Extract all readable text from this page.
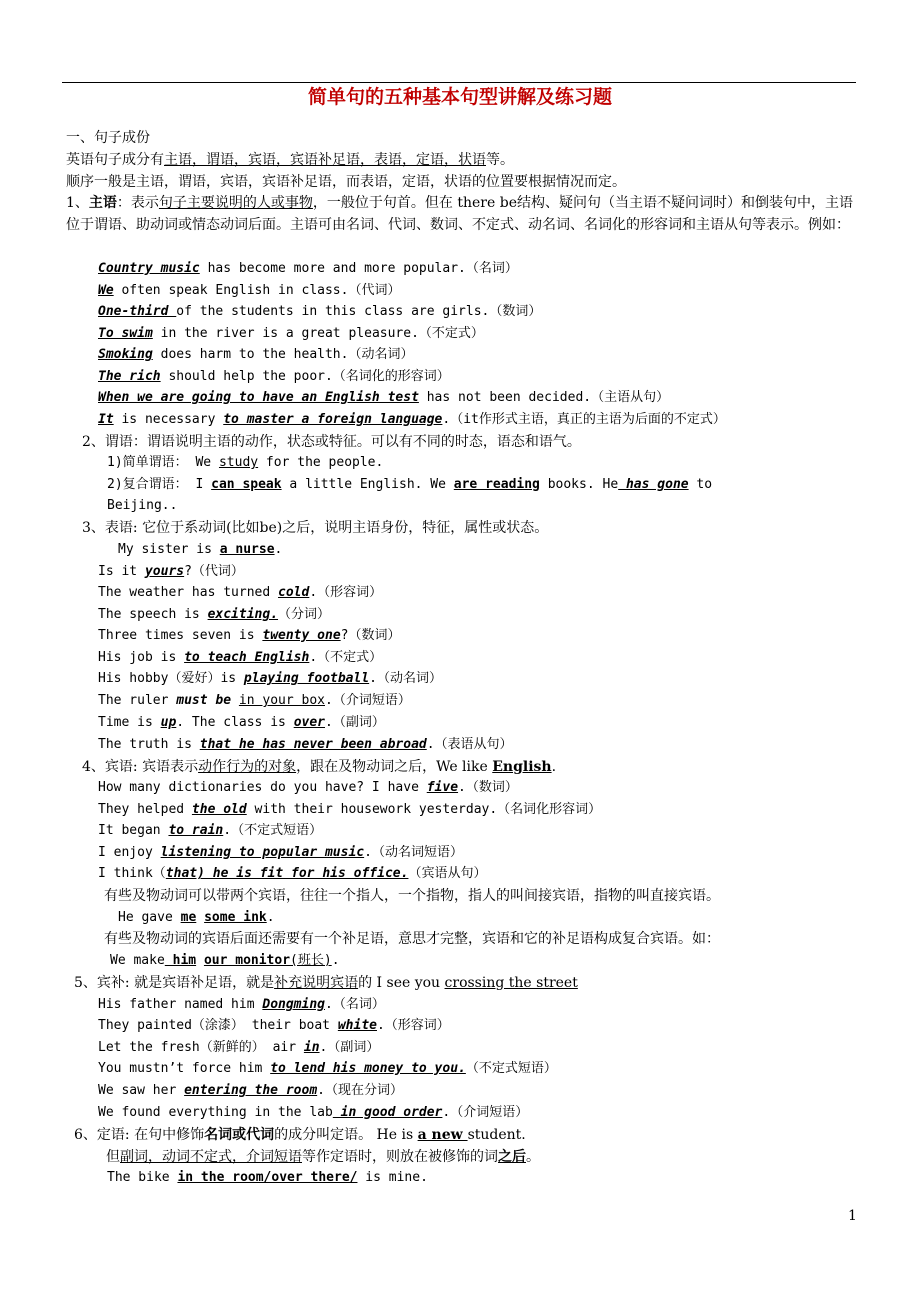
简单句的五种基本句型讲解及练习题
一、句子成份
英语句子成分有主语，谓语，宾语，宾语补足语，表语，定语，状语等。
顺序一般是主语，谓语，宾语，宾语补足语，而表语，定语，状语的位置要根据情况而定。
1、主语：表示句子主要说明的人或事物，一般位于句首。但在 there be结构、疑问句（当主语不疑问词时）和倒装句中，主语位于谓语、助动词或情态动词后面。主语可由名词、代词、数词、不定式、动名词、名词化的形容词和主语从句等表示。例如：
Country music has become more and more popular.（名词）
We often speak English in class.（代词）
One-third of the students in this class are girls.（数词）
To swim in the river is a great pleasure.（不定式）
Smoking does harm to the health.（动名词）
The rich should help the poor.（名词化的形容词）
When we are going to have an English test has not been decided.（主语从句）
It is necessary to master a foreign language.（it作形式主语，真正的主语为后面的不定式）
2、谓语：谓语说明主语的动作，状态或特征。可以有不同的时态，语态和语气。
1)简单谓语： We study for the people.
2)复合谓语： I can speak a little English. We are reading books. He has gone to
Beijing..
3、表语: 它位于系动词(比如be)之后，说明主语身份，特征，属性或状态。
My sister is a nurse.
Is it yours?（代词）
The weather has turned cold.（形容词）
The speech is exciting.（分词）
Three times seven is twenty one?（数词）
His job is to teach English.（不定式）
His hobby（爱好）is playing football.（动名词）
The ruler must be in your box.（介词短语）
Time is up. The class is over.（副词）
The truth is that he has never been abroad.（表语从句）
4、宾语: 宾语表示动作行为的对象，跟在及物动词之后，We like English.
How many dictionaries do you have? I have five.（数词）
They helped the old with their housework yesterday.（名词化形容词）
It began to rain.（不定式短语）
I enjoy listening to popular music.（动名词短语）
I think（that) he is fit for his office.（宾语从句）
有些及物动词可以带两个宾语，往往一个指人，一个指物，指人的叫间接宾语，指物的叫直接宾语。
He gave me some ink.
有些及物动词的宾语后面还需要有一个补足语，意思才完整，宾语和它的补足语构成复合宾语。如：
We make him our monitor(班长).
5、宾补: 就是宾语补足语，就是补充说明宾语的 I see you crossing the street
His father named him Dongming.（名词）
They painted（涂漆） their boat white.（形容词）
Let the fresh（新鲜的） air in.（副词）
You mustn’t force him to lend his money to you.（不定式短语）
We saw her entering the room.（现在分词）
We found everything in the lab in good order.（介词短语）
6、定语: 在句中修饰名词或代词的成分叫定语。 He is a new student.
但副词，动词不定式，介词短语等作定语时，则放在被修饰的词之后。
The bike in the room/over there/ is mine.
1
